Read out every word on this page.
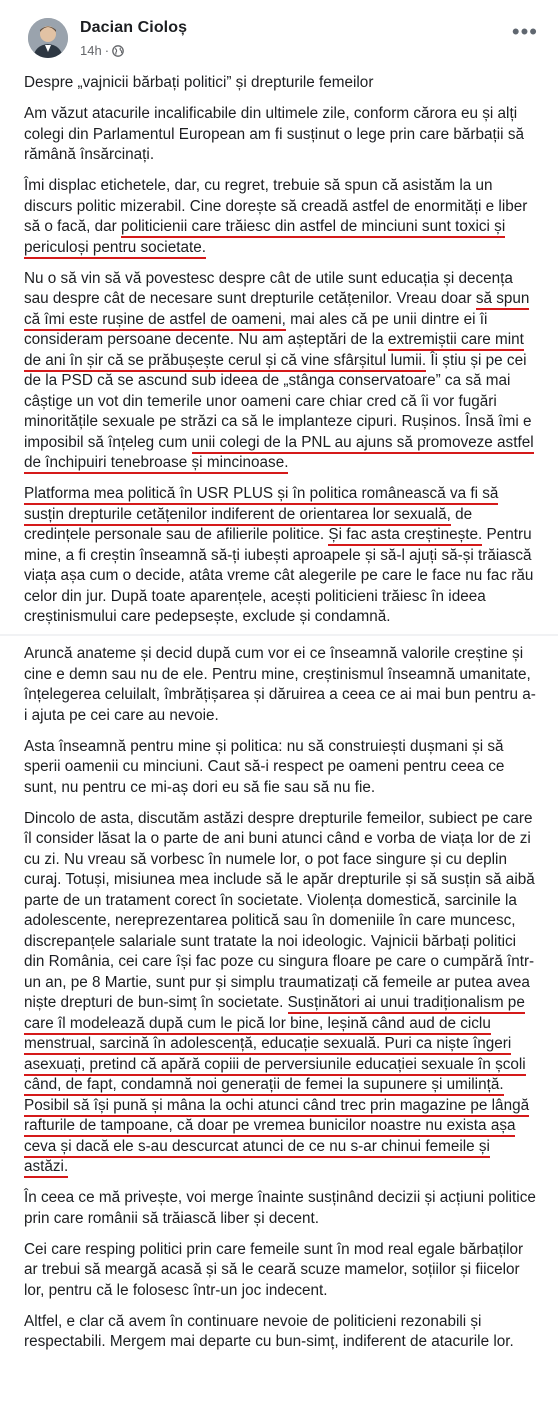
Dacian Cioloș
14h ·
•••

Despre „vajnicii bărbați politici” și drepturile femeilor

Am văzut atacurile incalificabile din ultimele zile, conform cărora eu și alți colegi din Parlamentul European am fi susținut o lege prin care bărbații să rămână însărcinați.

Îmi displac etichetele, dar, cu regret, trebuie să spun că asistăm la un discurs politic mizerabil. Cine dorește să creadă astfel de enormități e liber să o facă, dar politicienii care trăiesc din astfel de minciuni sunt toxici și periculoși pentru societate.

Nu o să vin să vă povestesc despre cât de utile sunt educația și decența sau despre cât de necesare sunt drepturile cetățenilor. Vreau doar să spun că îmi este rușine de astfel de oameni, mai ales că pe unii dintre ei îi consideram persoane decente. Nu am așteptări de la extremiștii care mint de ani în șir că se prăbușește cerul și că vine sfârșitul lumii. Îi știu și pe cei de la PSD că se ascund sub ideea de „stânga conservatoare” ca să mai câștige un vot din temerile unor oameni care chiar cred că îi vor fugări minoritățile sexuale pe străzi ca să le implanteze cipuri. Rușinos. Însă îmi e imposibil să înțeleg cum unii colegi de la PNL au ajuns să promoveze astfel de închipuiri tenebroase și mincinoase.

Platforma mea politică în USR PLUS și în politica românească va fi să susțin drepturile cetățenilor indiferent de orientarea lor sexuală, de credințele personale sau de afilierile politice. Și fac asta creștinește. Pentru mine, a fi creștin înseamnă să-ți iubești aproapele și să-l ajuți să-și trăiască viața așa cum o decide, atâta vreme cât alegerile pe care le face nu fac rău celor din jur. După toate aparențele, acești politicieni trăiesc în ideea creștinismului care pedepsește, exclude și condamnă.

Aruncă anateme și decid după cum vor ei ce înseamnă valorile creștine și cine e demn sau nu de ele. Pentru mine, creștinismul înseamnă umanitate, înțelegerea celuilalt, îmbrățișarea și dăruirea a ceea ce ai mai bun pentru a-i ajuta pe cei care au nevoie.

Asta înseamnă pentru mine și politica: nu să construiești dușmani și să sperii oamenii cu minciuni. Caut să-i respect pe oameni pentru ceea ce sunt, nu pentru ce mi-aș dori eu să fie sau să nu fie.

Dincolo de asta, discutăm astăzi despre drepturile femeilor, subiect pe care îl consider lăsat la o parte de ani buni atunci când e vorba de viața lor de zi cu zi. Nu vreau să vorbesc în numele lor, o pot face singure și cu deplin curaj. Totuși, misiunea mea include să le apăr drepturile și să susțin să aibă parte de un tratament corect în societate. Violența domestică, sarcinile la adolescente, nereprezentarea politică sau în domeniile în care muncesc, discrepanțele salariale sunt tratate la noi ideologic. Vajnicii bărbați politici din România, cei care își fac poze cu singura floare pe care o cumpără într-un an, pe 8 Martie, sunt pur și simplu traumatizați că femeile ar putea avea niște drepturi de bun-simț în societate. Susținători ai unui tradiționalism pe care îl modelează după cum le pică lor bine, leșină când aud de ciclu menstrual, sarcină în adolescență, educație sexuală. Puri ca niște îngeri asexuați, pretind că apără copiii de perversiunile educației sexuale în școli când, de fapt, condamnă noi generații de femei la supunere și umilință. Posibil să își pună și mâna la ochi atunci când trec prin magazine pe lângă rafturile de tampoane, că doar pe vremea bunicilor noastre nu exista așa ceva și dacă ele s-au descurcat atunci de ce nu s-ar chinui femeile și astăzi.

În ceea ce mă privește, voi merge înainte susținând decizii și acțiuni politice prin care românii să trăiască liber și decent.

Cei care resping politici prin care femeile sunt în mod real egale bărbaților ar trebui să meargă acasă și să le ceară scuze mamelor, soțiilor și fiicelor lor, pentru că le folosesc într-un joc indecent.

Altfel, e clar că avem în continuare nevoie de politicieni rezonabili și respectabili. Mergem mai departe cu bun-simț, indiferent de atacurile lor.
